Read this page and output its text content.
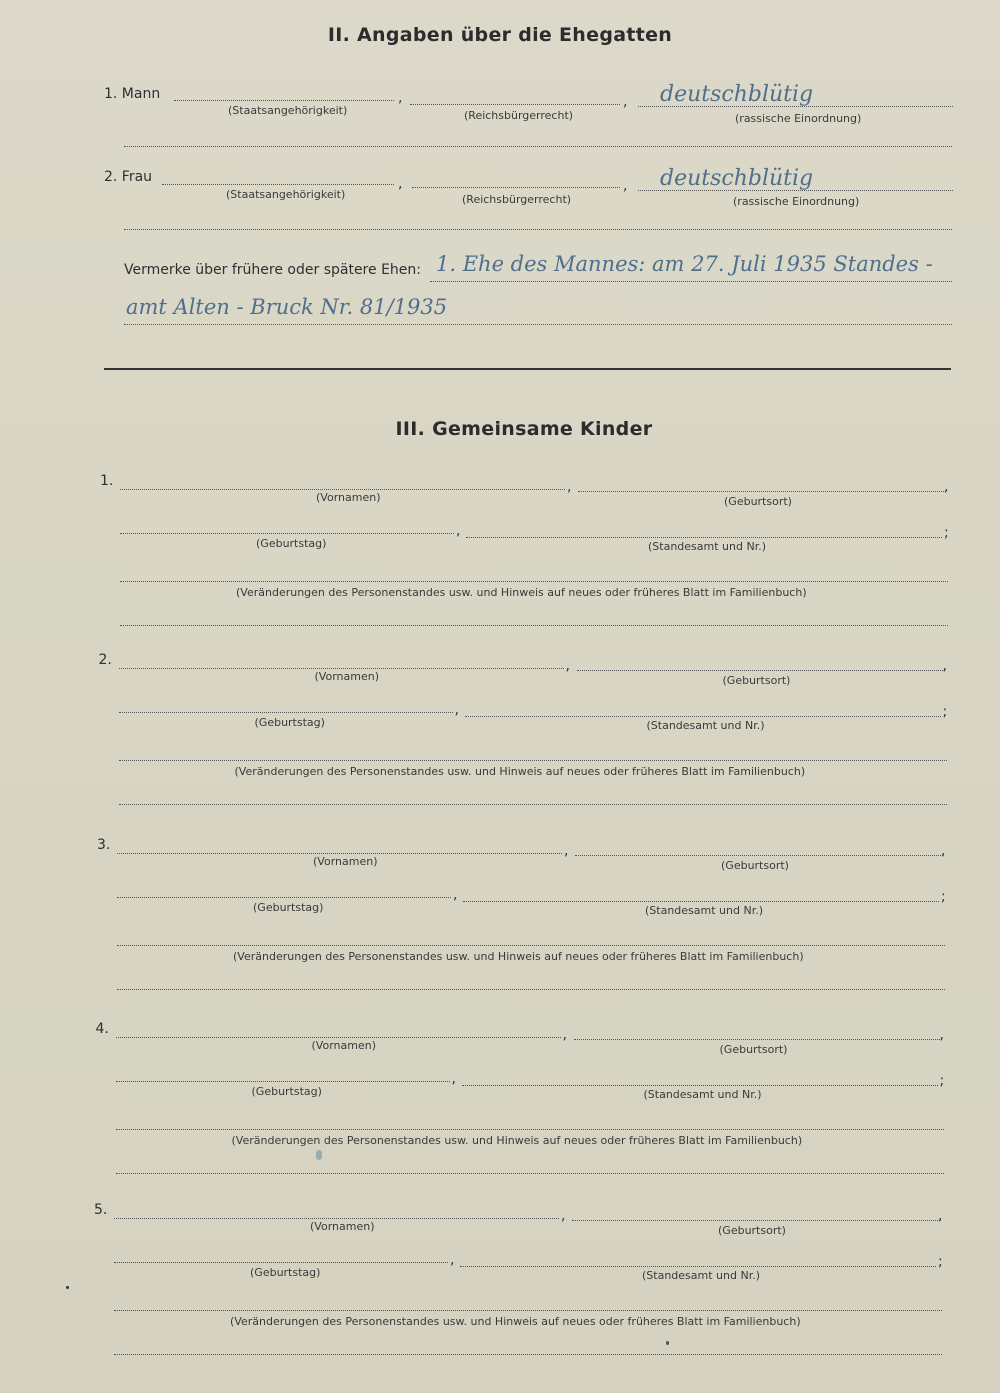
II. Angaben über die Ehegatten
1. Mann	,	, deutschblütig
(Staatsangehörigkeit)	(Reichsbürgerrecht)	(rassische Einordnung)
2. Frau	,	, deutschblütig
(Staatsangehörigkeit)	(Reichsbürgerrecht)	(rassische Einordnung)
Vermerke über frühere oder spätere Ehen: 1. Ehe des Mannes: am 27. Juli 1935 Standes -
amt Alten - Bruck Nr. 81/1935
III. Gemeinsame Kinder
1.	,	,
(Vornamen)	(Geburtsort)
,	;
(Geburtstag)	(Standesamt und Nr.)
(Veränderungen des Personenstandes usw. und Hinweis auf neues oder früheres Blatt im Familienbuch)
2.	,	,
(Vornamen)	(Geburtsort)
,	;
(Geburtstag)	(Standesamt und Nr.)
(Veränderungen des Personenstandes usw. und Hinweis auf neues oder früheres Blatt im Familienbuch)
3.	,	,
(Vornamen)	(Geburtsort)
,	;
(Geburtstag)	(Standesamt und Nr.)
(Veränderungen des Personenstandes usw. und Hinweis auf neues oder früheres Blatt im Familienbuch)
4.	,	,
(Vornamen)	(Geburtsort)
,	;
(Geburtstag)	(Standesamt und Nr.)
(Veränderungen des Personenstandes usw. und Hinweis auf neues oder früheres Blatt im Familienbuch)
5.	,	,
(Vornamen)	(Geburtsort)
,	;
(Geburtstag)	(Standesamt und Nr.)
(Veränderungen des Personenstandes usw. und Hinweis auf neues oder früheres Blatt im Familienbuch)
